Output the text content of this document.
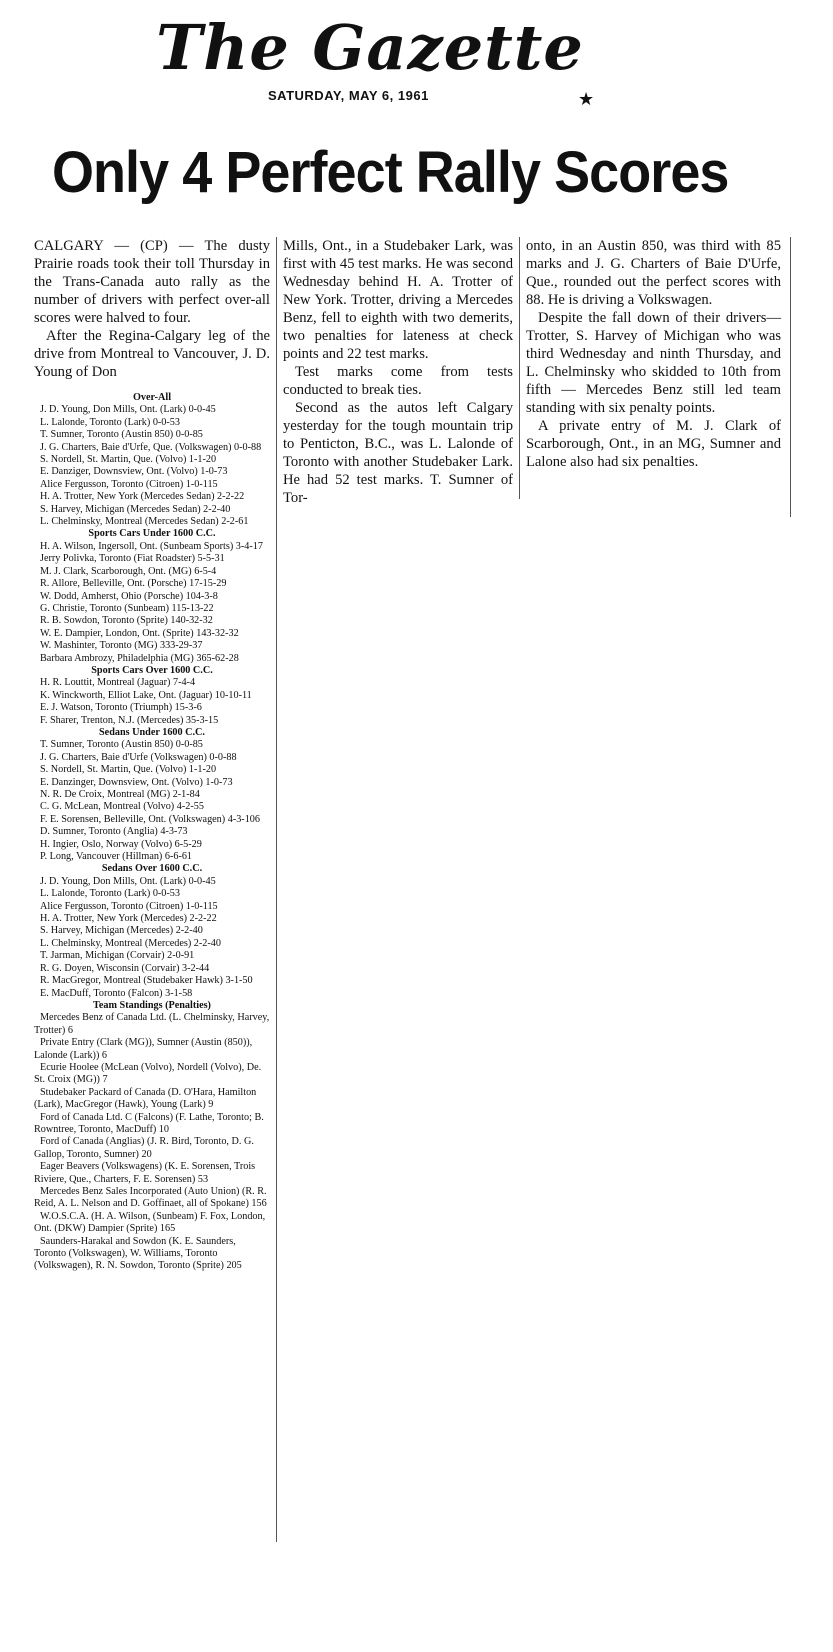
The Gazette
SATURDAY, MAY 6, 1961	★
Only 4 Perfect Rally Scores

CALGARY — (CP) — The dusty Prairie roads took their toll Thursday in the Trans-Canada auto rally as the number of drivers with perfect over-all scores were halved to four.

After the Regina-Calgary leg of the drive from Montreal to Vancouver, J. D. Young of Don

Over-All
J. D. Young, Don Mills, Ont. (Lark) 0-0-45
L. Lalonde, Toronto (Lark) 0-0-53
T. Sumner, Toronto (Austin 850) 0-0-85
J. G. Charters, Baie d'Urfe, Que. (Volkswagen) 0-0-88
S. Nordell, St. Martin, Que. (Volvo) 1-1-20
E. Danziger, Downsview, Ont. (Volvo) 1-0-73
Alice Fergusson, Toronto (Citroen) 1-0-115
H. A. Trotter, New York (Mercedes Sedan) 2-2-22
S. Harvey, Michigan (Mercedes Sedan) 2-2-40
L. Chelminsky, Montreal (Mercedes Sedan) 2-2-61
Sports Cars Under 1600 C.C.
H. A. Wilson, Ingersoll, Ont. (Sunbeam Sports) 3-4-17
Jerry Polivka, Toronto (Fiat Roadster) 5-5-31
M. J. Clark, Scarborough, Ont. (MG) 6-5-4
R. Allore, Belleville, Ont. (Porsche) 17-15-29
W. Dodd, Amherst, Ohio (Porsche) 104-3-8
G. Christie, Toronto (Sunbeam) 115-13-22
R. B. Sowdon, Toronto (Sprite) 140-32-32
W. E. Dampier, London, Ont. (Sprite) 143-32-32
W. Mashinter, Toronto (MG) 333-29-37
Barbara Ambrozy, Philadelphia (MG) 365-62-28
Sports Cars Over 1600 C.C.
H. R. Louttit, Montreal (Jaguar) 7-4-4
K. Winckworth, Elliot Lake, Ont. (Jaguar) 10-10-11
E. J. Watson, Toronto (Triumph) 15-3-6
F. Sharer, Trenton, N.J. (Mercedes) 35-3-15
Sedans Under 1600 C.C.
T. Sumner, Toronto (Austin 850) 0-0-85
J. G. Charters, Baie d'Urfe (Volkswagen) 0-0-88
S. Nordell, St. Martin, Que. (Volvo) 1-1-20
E. Danzinger, Downsview, Ont. (Volvo) 1-0-73
N. R. De Croix, Montreal (MG) 2-1-84
C. G. McLean, Montreal (Volvo) 4-2-55
F. E. Sorensen, Belleville, Ont. (Volkswagen) 4-3-106
D. Sumner, Toronto (Anglia) 4-3-73
H. Ingier, Oslo, Norway (Volvo) 6-5-29
P. Long, Vancouver (Hillman) 6-6-61
Sedans Over 1600 C.C.
J. D. Young, Don Mills, Ont. (Lark) 0-0-45
L. Lalonde, Toronto (Lark) 0-0-53
Alice Fergusson, Toronto (Citroen) 1-0-115
H. A. Trotter, New York (Mercedes) 2-2-22
S. Harvey, Michigan (Mercedes) 2-2-40
L. Chelminsky, Montreal (Mercedes) 2-2-40
T. Jarman, Michigan (Corvair) 2-0-91
R. G. Doyen, Wisconsin (Corvair) 3-2-44
R. MacGregor, Montreal (Studebaker Hawk) 3-1-50
E. MacDuff, Toronto (Falcon) 3-1-58
Team Standings (Penalties)
Mercedes Benz of Canada Ltd. (L. Chelminsky, Harvey, Trotter) 6
Private Entry (Clark (MG)), Sumner (Austin (850)), Lalonde (Lark)) 6
Ecurie Hoolee (McLean (Volvo), Nordell (Volvo), De. St. Croix (MG)) 7
Studebaker Packard of Canada (D. O'Hara, Hamilton (Lark), MacGregor (Hawk), Young (Lark) 9
Ford of Canada Ltd. C (Falcons) (F. Lathe, Toronto; B. Rowntree, Toronto, MacDuff) 10
Ford of Canada (Anglias) (J. R. Bird, Toronto, D. G. Gallop, Toronto, Sumner) 20
Eager Beavers (Volkswagens) (K. E. Sorensen, Trois Riviere, Que., Charters, F. E. Sorensen) 53
Mercedes Benz Sales Incorporated (Auto Union) (R. R. Reid, A. L. Nelson and D. Goffinaet, all of Spokane) 156
W.O.S.C.A. (H. A. Wilson, (Sunbeam) F. Fox, London, Ont. (DKW) Dampier (Sprite) 165
Saunders-Harakal and Sowdon (K. E. Saunders, Toronto (Volkswagen), W. Williams, Toronto (Volkswagen), R. N. Sowdon, Toronto (Sprite) 205

Mills, Ont., in a Studebaker Lark, was first with 45 test marks. He was second Wednesday behind H. A. Trotter of New York. Trotter, driving a Mercedes Benz, fell to eighth with two demerits, two penalties for lateness at check points and 22 test marks.

Test marks come from tests conducted to break ties.

Second as the autos left Calgary yesterday for the tough mountain trip to Penticton, B.C., was L. Lalonde of Toronto with another Studebaker Lark. He had 52 test marks. T. Sumner of Tor-

onto, in an Austin 850, was third with 85 marks and J. G. Charters of Baie D'Urfe, Que., rounded out the perfect scores with 88. He is driving a Volkswagen.

Despite the fall down of their drivers—Trotter, S. Harvey of Michigan who was third Wednesday and ninth Thursday, and L. Chelminsky who skidded to 10th from fifth — Mercedes Benz still led team standing with six penalty points.

A private entry of M. J. Clark of Scarborough, Ont., in an MG, Sumner and Lalone also had six penalties.
